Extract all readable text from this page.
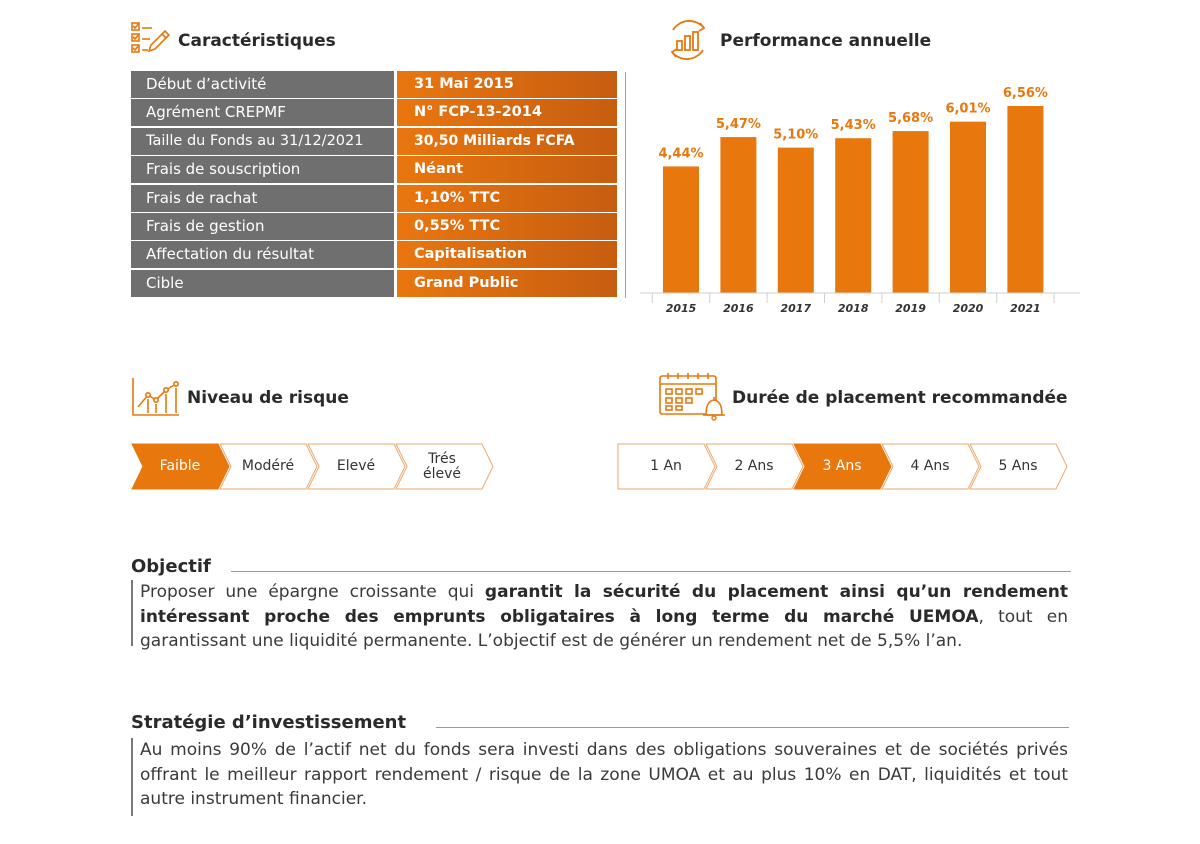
Caractéristiques
Début d’activité	31 Mai 2015
Agrément CREPMF	N° FCP-13-2014
Taille du Fonds au 31/12/2021	30,50 Milliards FCFA
Frais de souscription	Néant
Frais de rachat	1,10% TTC
Frais de gestion	0,55% TTC
Affectation du résultat	Capitalisation
Cible	Grand Public
Performance annuelle
4,44%
5,47%
5,10%
5,43% 5,68%
6,01%
6,56%
2015 2016 2017 2018 2019 2020 2021
Niveau de risque
Faible	Modéré	Elevé	Trés élevé
Durée de placement recommandée
1 An	2 Ans	3 Ans	4 Ans	5 Ans
Objectif
Proposer une épargne croissante qui garantit la sécurité du placement ainsi qu’un rendement intéressant proche des emprunts obligataires à long terme du marché UEMOA, tout en garantissant une liquidité permanente. L’objectif est de générer un rendement net de 5,5% l’an.
Stratégie d’investissement
Au moins 90% de l’actif net du fonds sera investi dans des obligations souveraines et de sociétés privés offrant le meilleur rapport rendement / risque de la zone UMOA et au plus 10% en DAT, liquidités et tout autre instrument financier.
